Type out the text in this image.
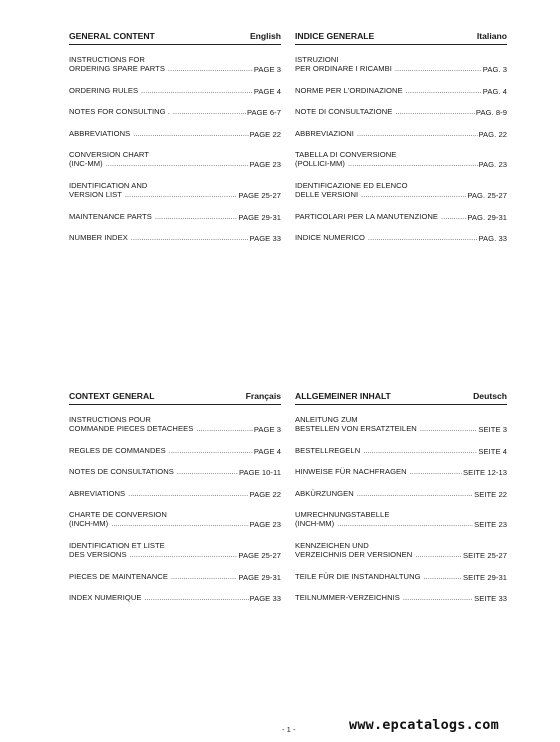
GENERAL CONTENT	English
INSTRUCTIONS FOR
ORDERING SPARE PARTS .....	PAGE 3
ORDERING RULES .....	PAGE 4
NOTES FOR CONSULTING . .....	PAGE 6-7
ABBREVIATIONS .....	PAGE 22
CONVERSION CHART
(INC-MM) .....	PAGE 23
IDENTIFICATION AND
VERSION LIST .....	PAGE 25-27
MAINTENANCE PARTS .....	PAGE 29-31
NUMBER INDEX .....	PAGE 33
INDICE GENERALE	Italiano
ISTRUZIONI
PER ORDINARE I RICAMBI .....	PAG. 3
NORME PER L'ORDINAZIONE .....	PAG. 4
NOTE DI CONSULTAZIONE .....	PAG. 8-9
ABBREVIAZIONI .....	PAG. 22
TABELLA DI CONVERSIONE
(POLLICI-MM) .....	PAG. 23
IDENTIFICAZIONE ED ELENCO
DELLE VERSIONI .....	PAG. 25-27
PARTICOLARI PER LA MANUTENZIONE .....	PAG. 29-31
INDICE NUMERICO .....	PAG. 33
CONTEXT GENERAL	Français
INSTRUCTIONS POUR
COMMANDE PIECES DETACHEES .....	PAGE 3
REGLES DE COMMANDES .....	PAGE 4
NOTES DE CONSULTATIONS .....	PAGE 10-11
ABREVIATIONS .....	PAGE 22
CHARTE DE CONVERSION
(INCH-MM) .....	PAGE 23
IDENTIFICATION ET LISTE
DES VERSIONS .....	PAGE 25-27
PIECES DE MAINTENANCE .....	PAGE 29-31
INDEX NUMERIQUE .....	PAGE 33
ALLGEMEINER INHALT	Deutsch
ANLEITUNG ZUM
BESTELLEN VON ERSATZTEILEN .....	SEITE 3
BESTELLREGELN .....	SEITE 4
HINWEISE FÜR NACHFRAGEN .....	SEITE 12-13
ABKÜRZUNGEN .....	SEITE 22
UMRECHNUNGSTABELLE
(INCH-MM) .....	SEITE 23
KENNZEICHEN UND
VERZEICHNIS DER VERSIONEN .....	SEITE 25-27
TEILE FÜR DIE INSTANDHALTUNG .....	SEITE 29-31
TEILNUMMER-VERZEICHNIS .....	SEITE 33
- 1 -	www.epcatalogs.com
